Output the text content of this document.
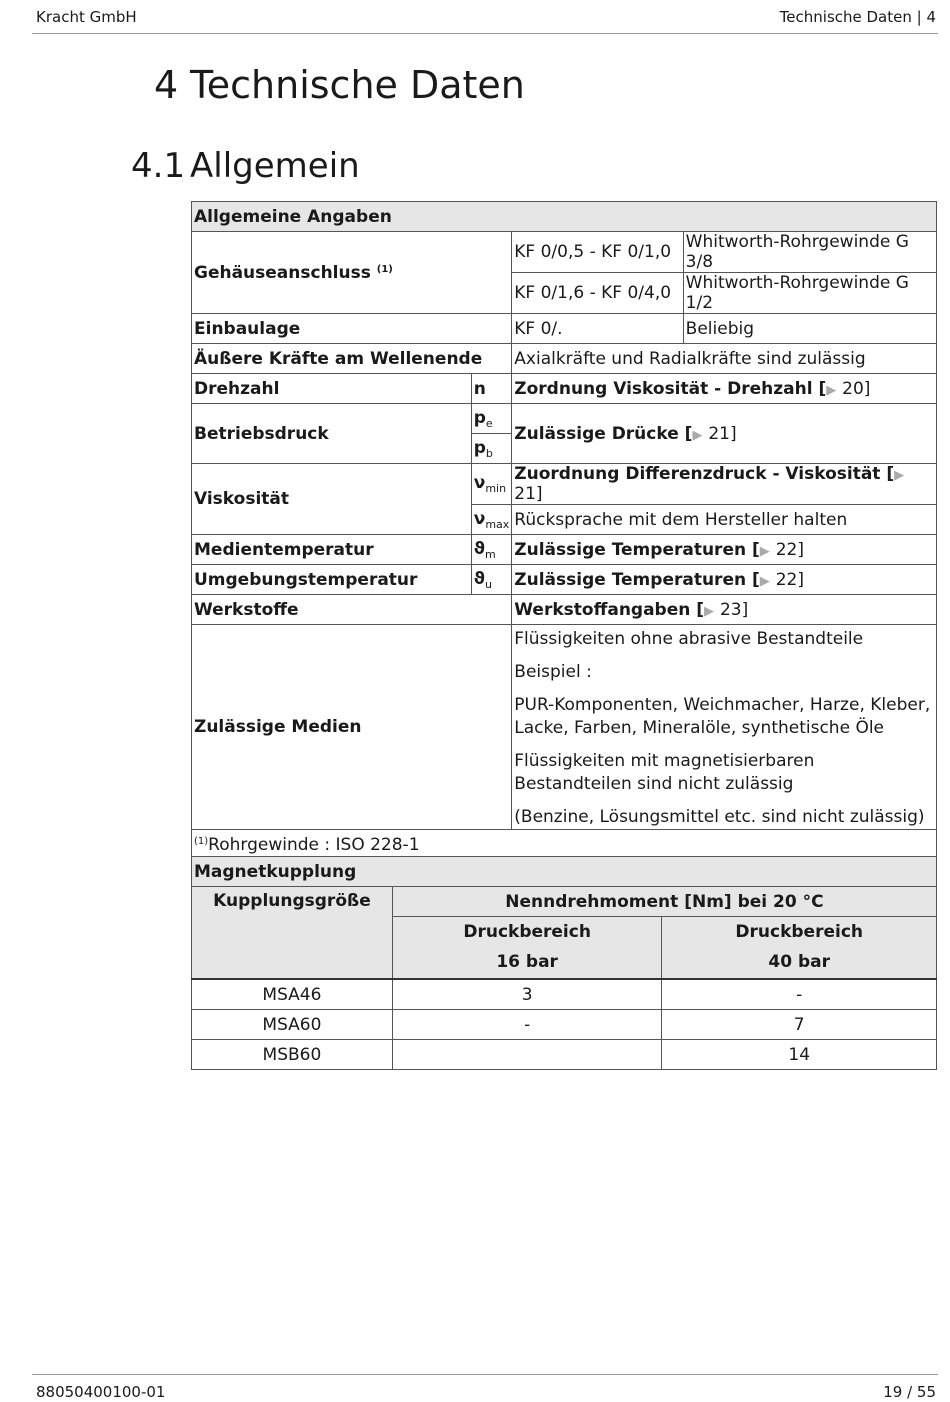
Kracht GmbH	Technische Daten | 4
4 Technische Daten
4.1 Allgemein
Allgemeine Angaben			
Gehäuseanschluss $^{(1)}$		KF 0/0,5 - KF 0/1,0	Whitworth-Rohrgewinde G 3/8
		KF 0/1,6 - KF 0/4,0	Whitworth-Rohrgewinde G 1/2
Einbaulage		KF 0/.	Beliebig
Äußere Kräfte am Wellenende		Axialkräfte und Radialkräfte sind zulässig	
Drehzahl	n	Zordnung Viskosität - Drehzahl [▶ 20]	
Betriebsdruck	$p_e$	Zulässige Drücke [▶ 21]	
	$p_b$
Viskosität	$\nu_{min}$	Zuordnung Differenzdruck - Viskosität [▶ 21]	
	$\nu_{max}$	Rücksprache mit dem Hersteller halten	
Medientemperatur	$ϑ_m$	Zulässige Temperaturen [▶ 22]	
Umgebungstemperatur	$ϑ_u$	Zulässige Temperaturen [▶ 22]	
Werkstoffe		Werkstoffangaben [▶ 23]	
Zulässige Medien		Flüssigkeiten ohne abrasive Bestandteile

Beispiel :

PUR-Komponenten, Weichmacher, Harze, Kleber, Lacke, Farben, Mineralöle, synthetische Öle

Flüssigkeiten mit magnetisierbaren Bestandteilen sind nicht zulässig

(Benzine, Lösungsmittel etc. sind nicht zulässig)	

$^{(1)}$Rohrgewinde : ISO 228-1			
Magnetkupplung		
Kupplungsgröße	Nenndrehmoment [Nm] bei 20 °C	
	Druckbereich	Druckbereich
	16 bar	40 bar
MSA46	3	-
MSA60	-	7
MSB60		14
88050400100-01	19 / 55
